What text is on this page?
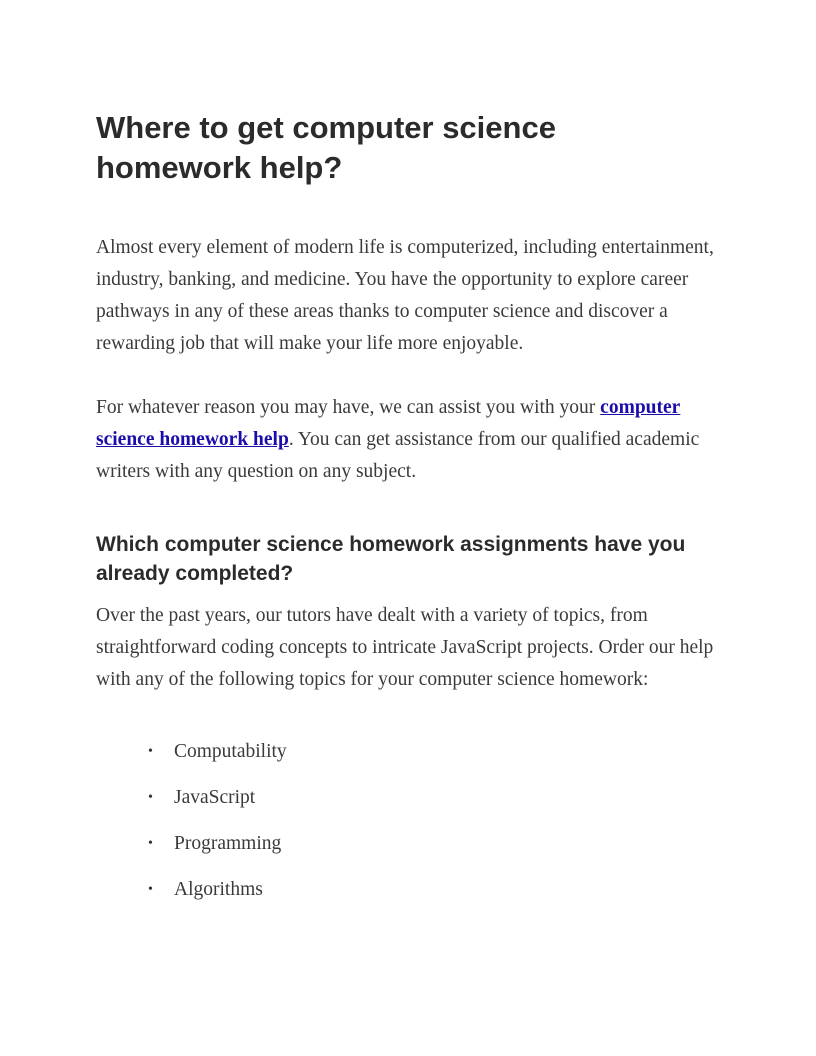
Where to get computer science homework help?

Almost every element of modern life is computerized, including entertainment, industry, banking, and medicine. You have the opportunity to explore career pathways in any of these areas thanks to computer science and discover a rewarding job that will make your life more enjoyable.

For whatever reason you may have, we can assist you with your computer science homework help. You can get assistance from our qualified academic writers with any question on any subject.

Which computer science homework assignments have you already completed?

Over the past years, our tutors have dealt with a variety of topics, from straightforward coding concepts to intricate JavaScript projects. Order our help with any of the following topics for your computer science homework:

• Computability
• JavaScript
• Programming
• Algorithms
